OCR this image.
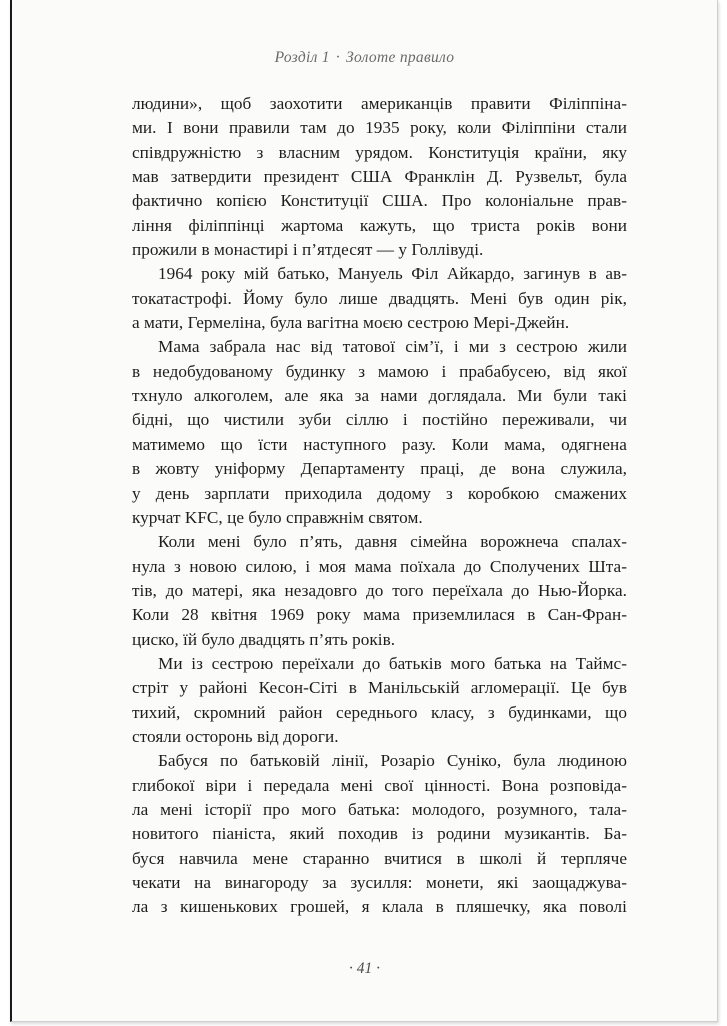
Розділ 1 · Золоте правило
людини», щоб заохотити американців правити Філіппіна-
ми. І вони правили там до 1935 року, коли Філіппіни стали
співдружністю з власним урядом. Конституція країни, яку
мав затвердити президент США Франклін Д. Рузвельт, була
фактично копією Конституції США. Про колоніальне прав-
ління філіппінці жартома кажуть, що триста років вони
прожили в монастирі і п’ятдесят — у Голлівуді.
1964 року мій батько, Мануель Філ Айкардо, загинув в ав-
токатастрофі. Йому було лише двадцять. Мені був один рік,
а мати, Гермеліна, була вагітна моєю сестрою Мері-Джейн.
Мама забрала нас від татової сім’ї, і ми з сестрою жили
в недобудованому будинку з мамою і прабабусею, від якої
тхнуло алкоголем, але яка за нами доглядала. Ми були такі
бідні, що чистили зуби сіллю і постійно переживали, чи
матимемо що їсти наступного разу. Коли мама, одягнена
в жовту уніформу Департаменту праці, де вона служила,
у день зарплати приходила додому з коробкою смажених
курчат KFC, це було справжнім святом.
Коли мені було п’ять, давня сімейна ворожнеча спалах-
нула з новою силою, і моя мама поїхала до Сполучених Шта-
тів, до матері, яка незадовго до того переїхала до Нью-Йорка.
Коли 28 квітня 1969 року мама приземлилася в Сан-Фран-
циско, їй було двадцять п’ять років.
Ми із сестрою переїхали до батьків мого батька на Таймс-
стріт у районі Кесон-Сіті в Манільській агломерації. Це був
тихий, скромний район середнього класу, з будинками, що
стояли осторонь від дороги.
Бабуся по батьковій лінії, Розаріо Суніко, була людиною
глибокої віри і передала мені свої цінності. Вона розповіда-
ла мені історії про мого батька: молодого, розумного, тала-
новитого піаніста, який походив із родини музикантів. Ба-
буся навчила мене старанно вчитися в школі й терпляче
чекати на винагороду за зусилля: монети, які заощаджува-
ла з кишенькових грошей, я клала в пляшечку, яка поволі
· 41 ·
